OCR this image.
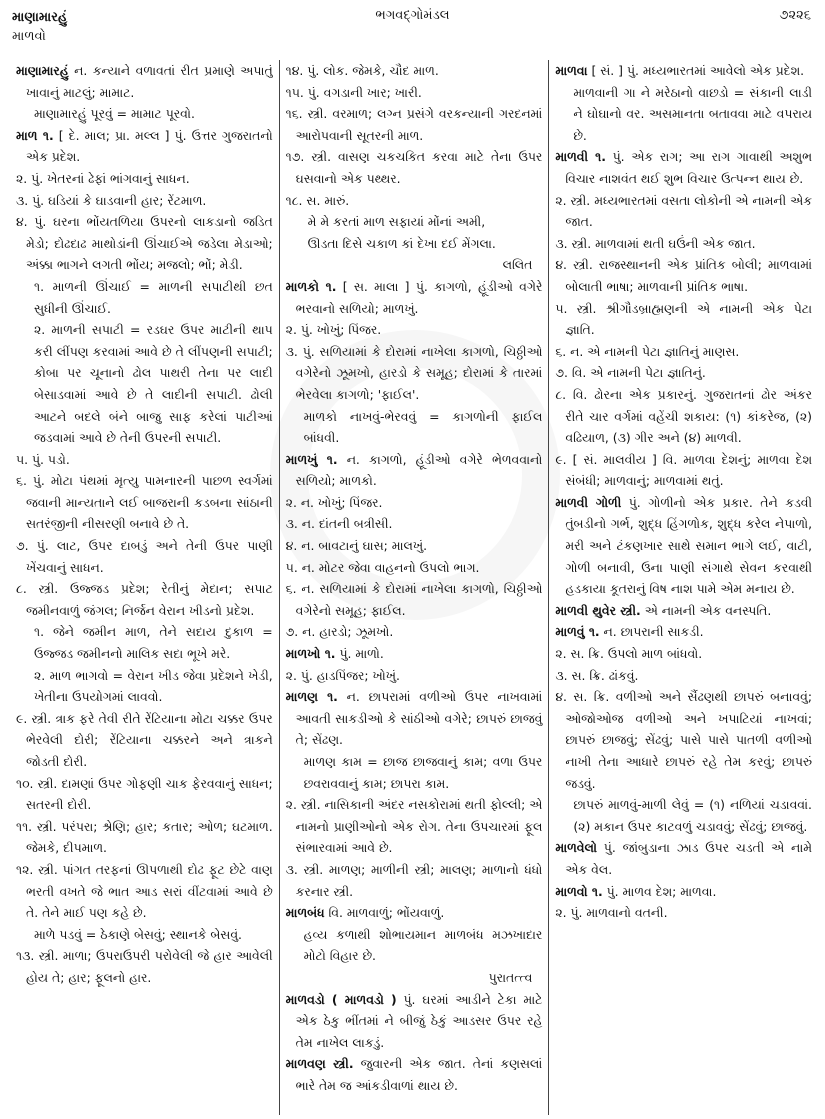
માણામારહું
માળવો
ભગવદ્ગોમંડલ	૭૨૨૬

માણામારહું ન. કન્યાને વળાવતાં રીત પ્રમાણે અપાતું ખાવાનું માટલું; મામાટ.

માણામારહું પૂરવું = મામાટ પૂરવો.

માળ ૧. [ દે. માલ; પ્રા. મલ્લ ] પું. ઉત્તર ગુજરાતનો એક પ્રદેશ.

૨. પું. ખેતરનાં ઢેફાં ભાંગવાનું સાધન.

૩. પું. ઘડિયાં કે ઘાડવાની હાર; રેંટમાળ.

૪. પું. ઘરના ભોંયતળિયા ઉપરનો લાકડાનો જડિત મેડો; દોઢદાઢ માથોડાંની ઊંચાઈએ જડેલા મેડાઓ; અંક્કા ભાગને લગતી ભોંય; મજલો; ભોં; મેડી.

૧. માળની ઊંચાઈ = માળની સપાટીથી છત સુધીની ઊંચાઈ.

૨. માળની સપાટી = રડઘર ઉપર માટીની થાપ કરી લીંપણ કરવામાં આવે છે તે લીંપણની સપાટી; કોબા પર ચૂનાનો ઢોલ પાથરી તેના પર લાદી બેસાડવામાં આવે છે તે લાદીની સપાટી. ઢોલી આટને બદલે બંને બાજુ સાફ કરેલાં પાટીઆં જડવામાં આવે છે તેની ઉપરની સપાટી.

૫. પું. પડો.

૬. પું. મોટા પંથમાં મૃત્યુ પામનારની પાછળ સ્વર્ગમાં જવાની માન્યતાને લઈ બાજરાની કડબના સાંઠાની સતરંજીની નીસરણી બનાવે છે તે.

૭. પું. લાટ, ઉપર દાબડું અને તેની ઉપર પાણી ખેંચવાનું સાધન.

૮. સ્ત્રી. ઉજ્જડ પ્રદેશ; રેતીનું મેદાન; સપાટ જમીનવાળું જંગલ; નિર્જન વેરાન ખીડનો પ્રદેશ.

૧. જેને જમીન માળ, તેને સદાય દુકાળ = ઉજ્જડ જમીનનો માલિક સદા ભૂખે મરે.

૨. માળ ભાગવો = વેરાન ખીડ જેવા પ્રદેશને ખેડી, ખેતીના ઉપયોગમાં લાવવો.

૯. સ્ત્રી. ત્રાક ફરે તેવી રીતે રેંટિયાના મોટા ચક્કર ઉપર ભેરવેલી દોરી; રેંટિયાના ચક્કરને અને ત્રાકને જોડતી દોરી.

૧૦. સ્ત્રી. દામણાં ઉપર ગોફણી ચાક ફેરવવાનું સાધન; સતરની દોરી.

૧૧. સ્ત્રી. પરંપરા; શ્રેણિ; હાર; કતાર; ઓળ; ઘટમાળ. જેમકે, દીપમાળ.

૧૨. સ્ત્રી. પાંગત તરફનાં ઊપળાથી દોઢ ફૂટ છેટે વાણ ભરતી વખતે જે ભાત આડ સરાં વીંટવામાં આવે છે તે. તેને માઈ પણ કહે છે.

માળે પડવું = ઠેકાણે બેસવું; સ્થાનકે બેસવું.

૧૩. સ્ત્રી. માળા; ઉપરાઉપરી પરોવેલી જે હાર આવેલી હોય તે; હાર; ફૂલનો હાર.

૧૪. પું. લોક. જેમકે, ચૌદ માળ.

૧૫. પું. વગડાની ખાર; ખારી.

૧૬. સ્ત્રી. વરમાળ; લગ્ન પ્રસંગે વરકન્યાની ગરદનમાં આરોપવાની સૂતરની માળ.

૧૭. સ્ત્રી. વાસણ ચકચકિત કરવા માટે તેના ઉપર ઘસવાનો એક પથ્થર.

૧૮. સ. મારું.

મે મે કરતાં માળ સફાયાં મોંનાં અમી,
ઊડતા દિસે ચકાળ કાં દેખા દઈ મેંગલા.
લલિત

માળકો ૧. [ સ. માલા ] પું. કાગળો, હૂંડીઓ વગેરે ભરવાનો સળિયો; માળખું.

૨. પું. ખોખું; પિંજર.

૩. પું. સળિયામાં કે દોરામાં નાખેલા કાગળો, ચિઠ્ઠીઓ વગેરેનો ઝૂમખો, હારડો કે સમૂહ; દોરામાં કે તારમાં ભેરવેલા કાગળો; 'ફાઈલ'.

માળકો નાખવું-ભેરવવું = કાગળોની ફાઈલ બાંધવી.

માળખું ૧. ન. કાગળો, હૂંડીઓ વગેરે ભેળવવાનો સળિયો; માળકો.

૨. ન. ખોખું; પિંજર.

૩. ન. દાંતની બત્રીસી.

૪. ન. બાવટાનું ઘાસ; માલખું.

૫. ન. મોટર જેવા વાહનનો ઉપલો ભાગ.

૬. ન. સળિયામાં કે દોરામાં નાખેલા કાગળો, ચિઠ્ઠીઓ વગેરેનો સમૂહ; ફાઈલ.

૭. ન. હારડો; ઝૂમખો.

માળખો ૧. પું. માળો.

૨. પું. હાડપિંજર; ખોખું.

માળણ ૧. ન. છાપરામાં વળીઓ ઉપર નાખવામાં આવતી સાકડીઓ કે સાંઠીઓ વગેરે; છાપરું છાજવું તે; સેંઢણ.

માળણ કામ = છાજ છાજવાનું કામ; વળા ઉપર છવરાવવાનું કામ; છાપરા કામ.

૨. સ્ત્રી. નાસિકાની અંદર નસકોરામાં થતી ફોલ્લી; એ નામનો પ્રાણીઓનો એક રોગ. તેના ઉપચારમાં ફૂલ સંભારવામાં આવે છે.

૩. સ્ત્રી. માળણ; માળીની સ્ત્રી; માલણ; માળાનો ધંધો કરનાર સ્ત્રી.

માળબંધ વિ. માળવાળું; ભોંયવાળું.

હવ્ય કળાથી શોભાયમાન માળબંધ મઝખાદાર મોટો વિહાર છે.
પુરાતત્ત્વ

માળવડો ( માળવડો ) પું. ઘરમાં આડીને ટેકા માટે એક ઠેકુ ભીંતમાં ને બીજું ઠેકું આડસર ઉપર રહે તેમ નાખેલ લાકડું.

માળવણ સ્ત્રી. જુવારની એક જાત. તેનાં કણસલાં ભારે તેમ જ આંકડીવાળાં થાય છે.

માળવા [ સં. ] પું. મધ્યભારતમાં આવેલો એક પ્રદેશ.

માળવાની ગા ને મરેઠાનો વાછડો = સંકાની લાડી ને ઘોઘાનો વર. અસમાનતા બતાવવા માટે વપરાય છે.

માળવી ૧. પું. એક રાગ; આ રાગ ગાવાથી અશુભ વિચાર નાશવંત થઈ શુભ વિચાર ઉત્પન્ન થાય છે.

૨. સ્ત્રી. મધ્યભારતમાં વસતા લોકોની એ નામની એક જાત.

૩. સ્ત્રી. માળવામાં થતી ઘઉંની એક જાત.

૪. સ્ત્રી. રાજસ્થાનની એક પ્રાંતિક બોલી; માળવામાં બોલાતી ભાષા; માળવાની પ્રાંતિક ભાષા.

૫. સ્ત્રી. શ્રીગૌડબ્રાહ્મણની એ નામની એક પેટા જ્ઞાતિ.

૬. ન. એ નામની પેટા જ્ઞાતિનું માણસ.

૭. વિ. એ નામની પેટા જ્ઞાતિનું.

૮. વિ. ઢોરના એક પ્રકારનું. ગુજરાતનાં ઢોર અંકર રીતે ચાર વર્ગમાં વહેંચી શકાય: (૧) કાંકરેજ, (૨) વઢિયાળ, (૩) ગીર અને (૪) માળવી.

૯. [ સં. માલવીય ] વિ. માળવા દેશનું; માળવા દેશ સંબંધી; માળવાનું; માળવામાં થતું.

માળવી ગોળી પું. ગોળીનો એક પ્રકાર. તેને કડવી તુંબડીનો ગર્ભ, શુદ્ધ હિંગળોક, શુદ્ધ કરેલ નેપાળો, મરી અને ટંકણખાર સાથે સમાન ભાગે લઈ, વાટી, ગોળી બનાવી, ઉના પાણી સંગાથે સેવન કરવાથી હડકાયા કૂતરાનું વિષ નાશ પામે એમ મનાય છે.

માળવી થુવેર સ્ત્રી. એ નામની એક વનસ્પતિ.

માળવું ૧. ન. છાપરાની સાકડી.

૨. સ. ક્રિ. ઉપલો માળ બાંધવો.

૩. સ. ક્રિ. ઢાંકવું.

૪. સ. ક્રિ. વળીઓ અને સૈંઢણથી છાપરું બનાવવું; ઓજોઓજ વળીઓ અને ખપાટિયાં નાખવાં; છાપરું છાજવું; સેંઢવું; પાસે પાસે પાતળી વળીઓ નાખી તેના આધારે છાપરું રહે તેમ કરવું; છાપરું જડવું.

છાપરું માળવું-માળી લેવું = (૧) નળિયાં ચડાવવાં. (૨) મકાન ઉપર કાટવળું ચડાવવું; સેંઢવું; છાજવું.

માળવેલો પું. જાંબુડાના ઝાડ ઉપર ચડતી એ નામે એક વેલ.

માળવો ૧. પું. માળવ દેશ; માળવા.

૨. પું. માળવાનો વતની.
